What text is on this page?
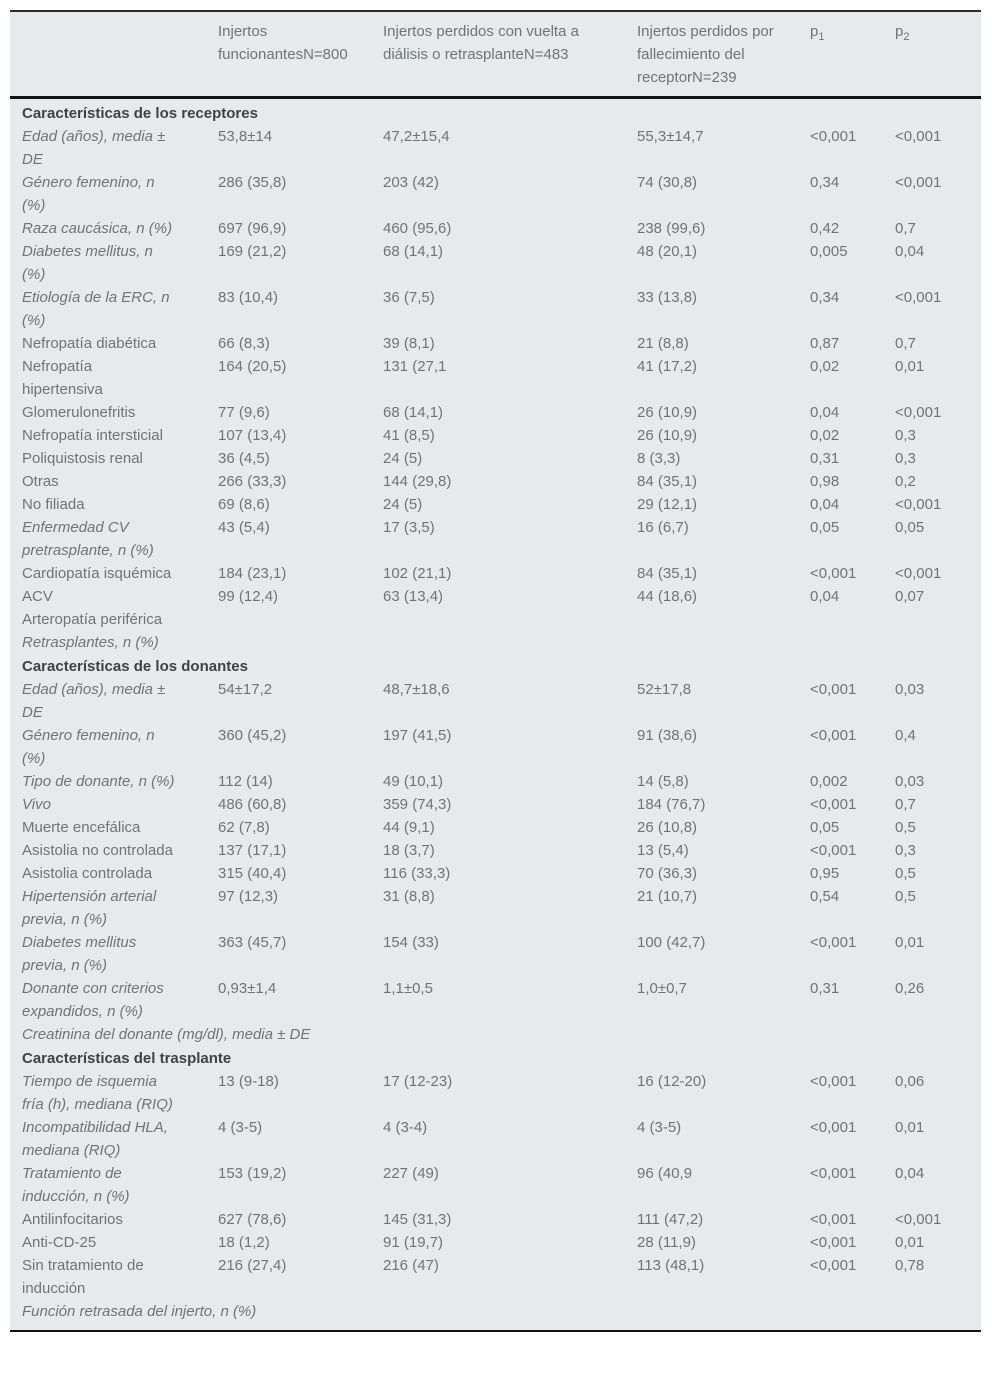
	Injertos funcionantesN=800	Injertos perdidos con vuelta a diálisis o retrasplanteN=483	Injertos perdidos por fallecimiento del receptorN=239	$p_1$	$p_2$
Características de los receptores					
Edad (años), media ± DE	53,8±14	47,2±15,4	55,3±14,7	<0,001	<0,001
Género femenino, n (%)	286 (35,8)	203 (42)	74 (30,8)	0,34	<0,001
Raza caucásica, n (%)	697 (96,9)	460 (95,6)	238 (99,6)	0,42	0,7
Diabetes mellitus, n (%)	169 (21,2)	68 (14,1)	48 (20,1)	0,005	0,04
Etiología de la ERC, n (%)	83 (10,4)	36 (7,5)	33 (13,8)	0,34	<0,001
Nefropatía diabética	66 (8,3)	39 (8,1)	21 (8,8)	0,87	0,7
Nefropatía hipertensiva	164 (20,5)	131 (27,1	41 (17,2)	0,02	0,01
Glomerulonefritis	77 (9,6)	68 (14,1)	26 (10,9)	0,04	<0,001
Nefropatía intersticial	107 (13,4)	41 (8,5)	26 (10,9)	0,02	0,3
Poliquistosis renal	36 (4,5)	24 (5)	8 (3,3)	0,31	0,3
Otras	266 (33,3)	144 (29,8)	84 (35,1)	0,98	0,2
No filiada	69 (8,6)	24 (5)	29 (12,1)	0,04	<0,001
Enfermedad CV pretrasplante, n (%)	43 (5,4)	17 (3,5)	16 (6,7)	0,05	0,05
Cardiopatía isquémica	184 (23,1)	102 (21,1)	84 (35,1)	<0,001	<0,001
ACV	99 (12,4)	63 (13,4)	44 (18,6)	0,04	0,07
Arteropatía periférica					
Retrasplantes, n (%)					
Características de los donantes					
Edad (años), media ± DE	54±17,2	48,7±18,6	52±17,8	<0,001	0,03
Género femenino, n (%)	360 (45,2)	197 (41,5)	91 (38,6)	<0,001	0,4
Tipo de donante, n (%)	112 (14)	49 (10,1)	14 (5,8)	0,002	0,03
Vivo	486 (60,8)	359 (74,3)	184 (76,7)	<0,001	0,7
Muerte encefálica	62 (7,8)	44 (9,1)	26 (10,8)	0,05	0,5
Asistolia no controlada	137 (17,1)	18 (3,7)	13 (5,4)	<0,001	0,3
Asistolia controlada	315 (40,4)	116 (33,3)	70 (36,3)	0,95	0,5
Hipertensión arterial previa, n (%)	97 (12,3)	31 (8,8)	21 (10,7)	0,54	0,5
Diabetes mellitus previa, n (%)	363 (45,7)	154 (33)	100 (42,7)	<0,001	0,01
Donante con criterios expandidos, n (%)	0,93±1,4	1,1±0,5	1,0±0,7	0,31	0,26
Creatinina del donante (mg/dl), media ± DE					
Características del trasplante					
Tiempo de isquemia fría (h), mediana (RIQ)	13 (9-18)	17 (12-23)	16 (12-20)	<0,001	0,06
Incompatibilidad HLA, mediana (RIQ)	4 (3-5)	4 (3-4)	4 (3-5)	<0,001	0,01
Tratamiento de inducción, n (%)	153 (19,2)	227 (49)	96 (40,9	<0,001	0,04
Antilinfocitarios	627 (78,6)	145 (31,3)	111 (47,2)	<0,001	<0,001
Anti-CD-25	18 (1,2)	91 (19,7)	28 (11,9)	<0,001	0,01
Sin tratamiento de inducción	216 (27,4)	216 (47)	113 (48,1)	<0,001	0,78
Función retrasada del injerto, n (%)					
